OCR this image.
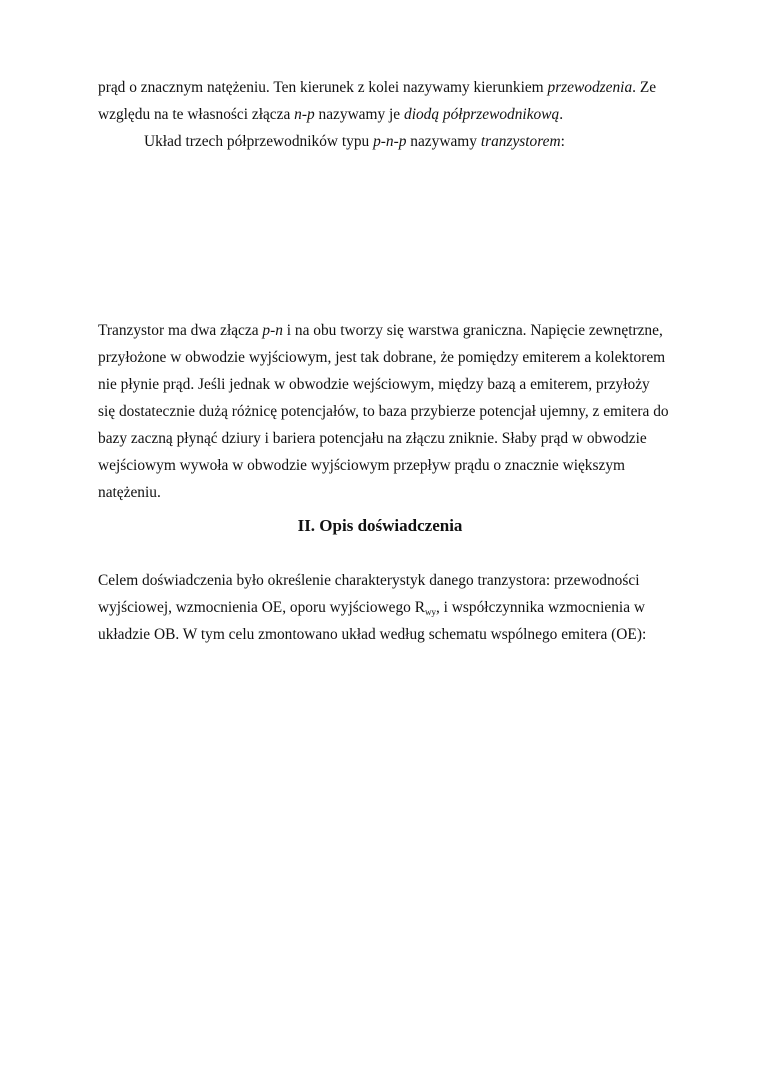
prąd o znacznym natężeniu. Ten kierunek z kolei nazywamy kierunkiem przewodzenia. Ze
względu na te własności złącza n-p nazywamy je diodą półprzewodnikową.
Układ trzech półprzewodników typu p-n-p nazywamy tranzystorem:
Tranzystor ma dwa złącza p-n i na obu tworzy się warstwa graniczna. Napięcie zewnętrzne,
przyłożone w obwodzie wyjściowym, jest tak dobrane, że pomiędzy emiterem a kolektorem
nie płynie prąd. Jeśli jednak w obwodzie wejściowym, między bazą a emiterem, przyłoży
się dostatecznie dużą różnicę potencjałów, to baza przybierze potencjał ujemny, z emitera do
bazy zaczną płynąć dziury i bariera potencjału na złączu zniknie. Słaby prąd w obwodzie
wejściowym wywoła w obwodzie wyjściowym przepływ prądu o znacznie większym
natężeniu.
II. Opis doświadczenia
Celem doświadczenia było określenie charakterystyk danego tranzystora: przewodności
wyjściowej, wzmocnienia OE, oporu wyjściowego $R_{wy}$, i współczynnika wzmocnienia w
układzie OB. W tym celu zmontowano układ według schematu wspólnego emitera (OE):
